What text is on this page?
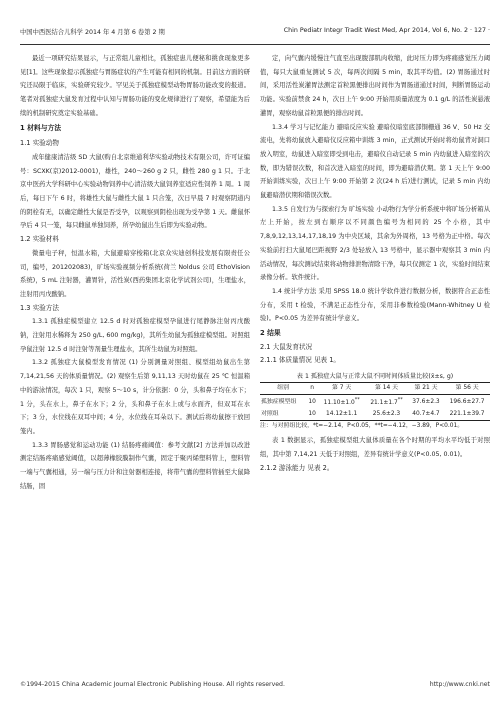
中国中西医结合儿科学 2014 年 4 月第 6 卷第 2 期	Chin Pediatr Integr Tradit West Med, Apr 2014, Vol 6, No. 2 · 127 ·

最近一项研究结果显示，与正常组儿童相比，孤独症患儿便秘和挑食现象更多见[1]。这些现象提示孤独症与胃肠症状的产生可能有相同的机制。目前这方面的研究还局限于临床，实验研究较少。罕见关于孤独症模型动物胃肠功能改变的报道。笔者对孤独症大鼠发育过程中认知与胃肠功能的变化规律进行了观察，希望能为后续的机制研究奠定实验基础。

1 材料与方法
1.1 实验动物

成年健康清洁级 SD 大鼠(购自北京维通利华实验动物技术有限公司，许可证编号：SCXK(京)2012-0001)，雄性，240～260 g 2 只，雌性 280 g 1 只。于北京中医药大学科研中心实验动物饲养中心清洁级大鼠饲养室适应性饲养 1 周。1 周后，每日下午 6 时，将雄性大鼠与雌性大鼠 1 只合笼，次日早晨 7 时观察阴道内的阴栓有无，以确定雌性大鼠是否受孕，以观察到阴栓出现为受孕第 1 天。雌鼠怀孕后 4 只一笼，每只雌鼠单独饲养，所孕幼鼠出生后即为实验动物。

1.2 实验材料

微量电子秤，恒温水箱，大鼠避暗穿梭箱(北京众实迪创科技发展有限责任公司，编号，201202083)，旷场实验视频分析系统(荷兰 Noldus 公司 EthoVision 系统)，5 mL 注射器，灌胃针，活性炭(西药集团北京化学试剂公司)，生理盐水，注射用丙戊酸钠。

1.3 实验方法

1.3.1 孤独症模型建立 12.5 d 时对孤独症模型孕鼠进行尾静脉注射丙戊酸钠，注射用水稀释为 250 g/L, 600 mg/kg)，其所生幼鼠为孤独症模型组。对照组孕鼠注射 12.5 d 时注射等剂量生理盐水，其所生幼鼠为对照组。

1.3.2 孤独症大鼠模型发育情况 (1) 分别测量对照组、模型组幼鼠出生第 7,14,21,56 天的体质量情况。(2) 观察生后第 9,11,13 天时幼鼠在 25 ℃ 恒温箱中的游泳情况，每次 1 只，观察 5～10 s，计分依据：0 分，头和鼻子均在水下；1 分，头在水上，鼻子在水下；2 分，头和鼻子在水上或与水面齐，但双耳在水下；3 分，水位线在双耳中间；4 分，水位线在耳朵以下。测试后将幼鼠擦干放回笼内。

1.3.3 胃肠感觉和运动功能 (1) 结肠疼痛阈值：参考文献[2] 方法并加以改进测定结肠疼痛感觉阈值，以超薄橡胶膜制作气囊，固定于聚丙烯塑料管上，塑料管一端与气囊相通，另一端与压力计和注射器相连接，将带气囊的塑料管插至大鼠降结肠，固

定，向气囊内缓慢注气直至出现腹部肌肉收缩，此时压力即为疼痛感觉压力阈值，每只大鼠重复测试 5 次，每两次间隔 5 min，取其平均值。(2) 胃肠通过时间，采用活性炭灌胃法测定首粒黑便排出时间作为胃肠道通过时间，判断胃肠运动功能。实验前禁食 24 h，次日上午 9:00 开始用质量浓度为 0.1 g/L 的活性炭悬液灌胃，观察幼鼠首粒黑便的排出时间。

1.3.4 学习与记忆能力 避暗反应实验 避暗仪暗室底部铜栅通 36 V、50 Hz 交流电，先将幼鼠放入避暗仪反应箱中训练 3 min，正式测试开始时将幼鼠背对洞口放入明室，幼鼠进入暗室即受到电击，避暗仪自动记录 5 min 内幼鼠进入暗室的次数，即为错误次数，和首次进入暗室的时间，即为避暗潜伏期。第 1 天上午 9:00 开始训练实验，次日上午 9:00 开始第 2 次(24 h 后)进行测试，记录 5 min 内幼鼠避暗潜伏期和错误次数。

1.3.5 自发行为与探索行为 旷场实验 小动物行为学分析系统中将旷场分析箱从左上开始，按左到右顺序以不同颜色编号为相同的 25 个小格，其中 7,8,9,12,13,14,17,18,19 为中央区域，其余为外周格，13 号格为正中格。每次实验前打扫大鼠尾巴距视野 2/3 处轻放入 13 号格中，显示器中观察其 3 min 内活动情况，每次测试结束将动物排泄物清除干净，每只仅测定 1 次，实验时间结束录像分析。软件统计。

1.4 统计学方法 采用 SPSS 18.0 统计学软件进行数据分析，数据符合正态性分布，采用 t 检验，不满足正态性分布，采用非参数检验(Mann-Whitney U 检验)。P<0.05 为差异有统计学意义。

2 结果
2.1 大鼠发育状况
2.1.1 体质量情况 见表 1。
表 1 孤独症大鼠与正常大鼠不同时间体质量比较(x̄±s, g)
组别	n	第 7 天	第 14 天	第 21 天	第 56 天
孤独症模型组	10	11.10±1.0**	21.1±1.7**	37.6±2.3	196.6±27.7
对照组	10	14.12±1.1	25.6±2.3	40.7±4.7	221.1±39.7

注：与对照组比较，*t=−2.14，P<0.05，**t=−4.12，−3.89，P<0.01。

表 1 数据显示，孤独症模型组大鼠体质量在各个时期的平均水平均低于对照组，其中第 7,14,21 天低于对照组，差异有统计学意义(P<0.05, 0.01)。

2.1.2 游泳能力 见表 2。
©1994-2015 China Academic Journal Electronic Publishing House. All rights reserved.	http://www.cnki.net
